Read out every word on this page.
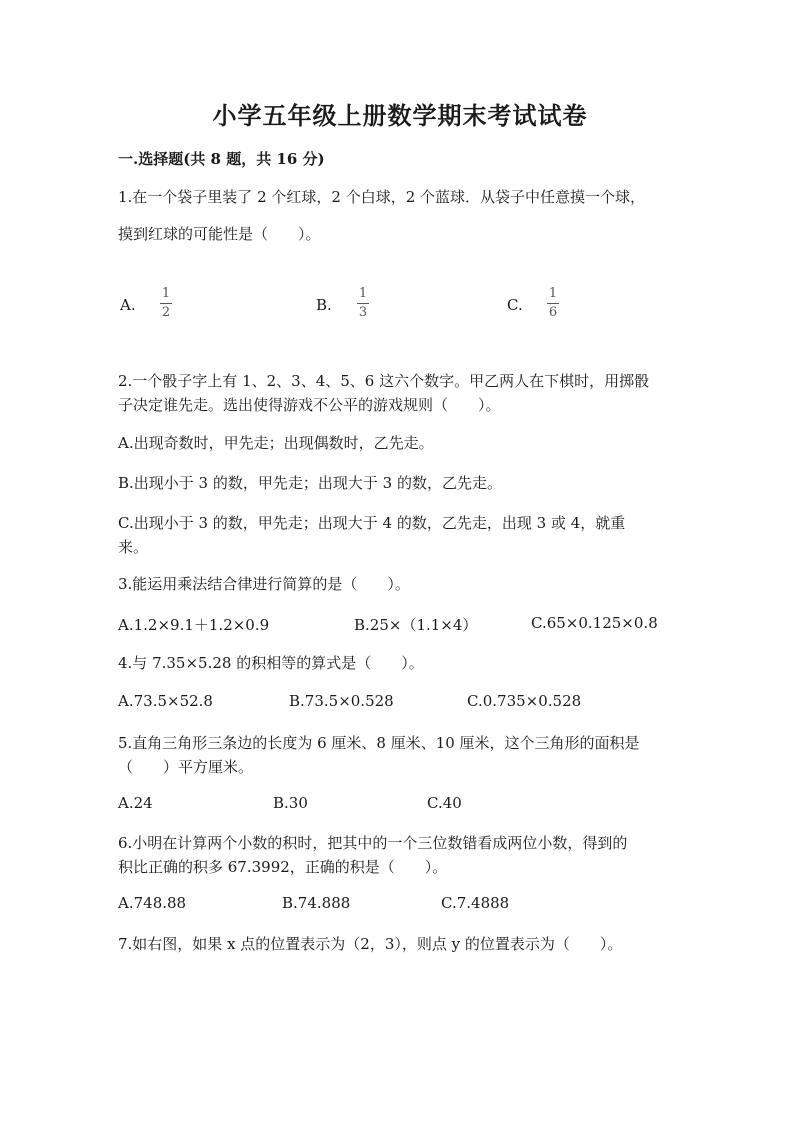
小学五年级上册数学期末考试试卷
一.选择题(共 8 题，共 16 分)
1.在一个袋子里装了 2 个红球，2 个白球，2 个蓝球．从袋子中任意摸一个球，
摸到红球的可能性是（　　）。
A.
1
2	B.
1
3	C.
1
6
2.一个骰子字上有 1、2、3、4、5、6 这六个数字。甲乙两人在下棋时，用掷骰
子决定谁先走。选出使得游戏不公平的游戏规则（　　）。
A.出现奇数时，甲先走；出现偶数时，乙先走。
B.出现小于 3 的数，甲先走；出现大于 3 的数，乙先走。
C.出现小于 3 的数，甲先走；出现大于 4 的数，乙先走，出现 3 或 4，就重
来。
3.能运用乘法结合律进行简算的是（　　）。
A.1.2×9.1＋1.2×0.9	B.25×（1.1×4）	C.65×0.125×0.8
4.与 7.35×5.28 的积相等的算式是（　　）。
A.73.5×52.8	B.73.5×0.528	C.0.735×0.528
5.直角三角形三条边的长度为 6 厘米、8 厘米、10 厘米，这个三角形的面积是
（　　）平方厘米。
A.24	B.30	C.40
6.小明在计算两个小数的积时，把其中的一个三位数错看成两位小数，得到的
积比正确的积多 67.3992，正确的积是（　　）。
A.748.88	B.74.888	C.7.4888
7.如右图，如果 x 点的位置表示为（2，3），则点 y 的位置表示为（　　）。
